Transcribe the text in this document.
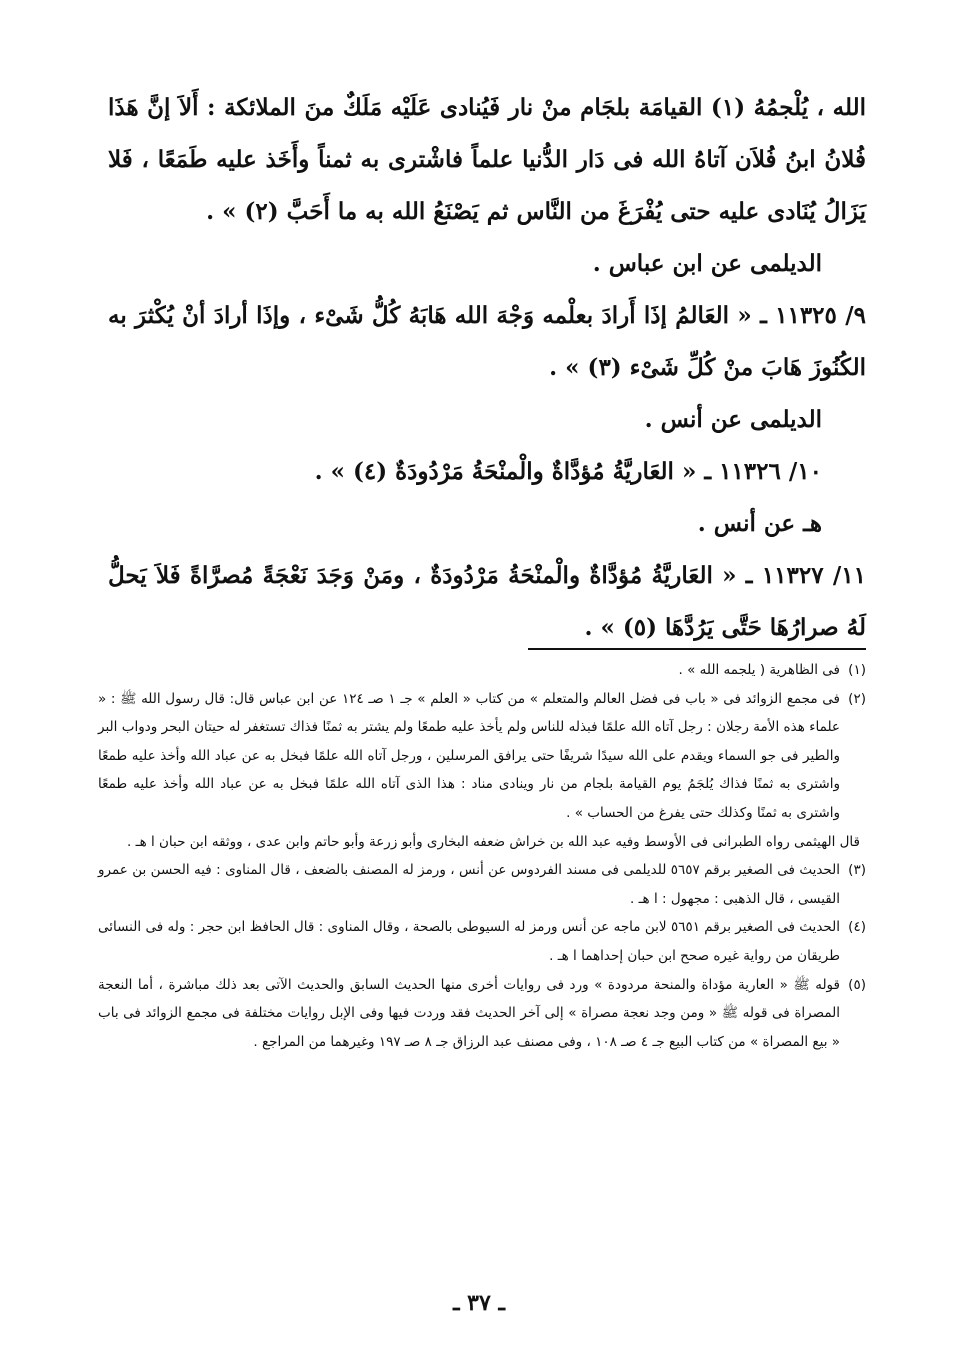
الله ، يُلْجمُهُ (١) القيامَة بلجَام منْ نار فَيُنادى عَلَيْه مَلَكٌ منَ الملائكة : أَلاَ إنَّ هَذَا فُلانُ ابنُ فُلاَن آتاهُ الله فى دَار الدُّنيا علماً فاشْترى به ثمناً وأَخَذ عليه طَمَعًا ، فَلا يَزَالُ يُنَادى عليه حتى يُفْرَغَ من النَّاس ثم يَصْنَعُ الله به ما أَحَبَّ (٢) » .

الديلمى عن ابن عباس .

٩/ ١١٣٢٥ ـ « العَالمُ إذَا أَرادَ بعلْمه وَجْهَ الله هَابَهُ كُلُّ شَىْء ، وإذَا أرادَ أنْ يُكْثرَ به الكُنُوزَ هَابَ منْ كُلِّ شَىْء (٣) » .

الديلمى عن أنس .

١٠/ ١١٣٢٦ ـ « العَاريَّةُ مُؤدَّاةٌ والْمنْحَةُ مَرْدُودَةٌ (٤) » .

هـ عن أنس .

١١/ ١١٣٢٧ ـ « العَاريَّةُ مُؤدَّاةٌ والْمنْحَةُ مَرْدُودَةٌ ، ومَنْ وَجَدَ نَعْجَةً مُصرَّاةً فَلاَ يَحلُّ لَهُ صرارُهَا حَتَّى يَرُدَّهَا (٥) » .

(١)
فى الظاهرية ( يلجمه الله » .

(٢)
فى مجمع الزوائد فى « باب فى فضل العالم والمتعلم » من كتاب « العلم » جـ ١ صـ ١٢٤ عن ابن عباس قال: قال رسول الله ﷺ : « علماء هذه الأمة رجلان : رجل آتاه الله علمًا فبذله للناس ولم يأخذ عليه طمعًا ولم يشتر به ثمنًا فذاك تستغفر له حيتان البحر ودواب البر والطير فى جو السماء ويقدم على الله سيدًا شريفًا حتى يرافق المرسلين ، ورجل آتاه الله علمًا فبخل به عن عباد الله وأخذ عليه طمعًا واشترى به ثمنًا فذاك يُلجَمُ يوم القيامة بلجام من نار وينادى مناد : هذا الذى آتاه الله علمًا فبخل به عن عباد الله وأخذ عليه طمعًا واشترى به ثمنًا وكذلك حتى يفرغ من الحساب » .

قال الهيثمى رواه الطبرانى فى الأوسط وفيه عبد الله بن خراش ضعفه البخارى وأبو زرعة وأبو حاتم وابن عدى ، ووثقه ابن حبان ا هـ .

(٣)
الحديث فى الصغير برقم ٥٦٥٧ للديلمى فى مسند الفردوس عن أنس ، ورمز له المصنف بالضعف ، قال المناوى : فيه الحسن بن عمرو القيسى ، قال الذهبى : مجهول : ا هـ .

(٤)
الحديث فى الصغير برقم ٥٦٥١ لابن ماجه عن أنس ورمز له السيوطى بالصحة ، وقال المناوى : قال الحافظ ابن حجر : وله فى النسائى طريقان من رواية غيره صحح ابن حبان إحداهما ا هـ .

(٥)
قوله ﷺ « العارية مؤداة والمنحة مردودة » ورد فى روايات أخرى منها الحديث السابق والحديث الآتى بعد ذلك مباشرة ، أما النعجة المصراة فى قوله ﷺ « ومن وجد نعجة مصراة » إلى آخر الحديث فقد وردت فيها وفى الإبل روايات مختلفة فى مجمع الزوائد فى باب « بيع المصراة » من كتاب البيع جـ ٤ صـ ١٠٨ ، وفى مصنف عبد الرزاق جـ ٨ صـ ١٩٧ وغيرهما من المراجع .

ـ ٣٧ ـ
